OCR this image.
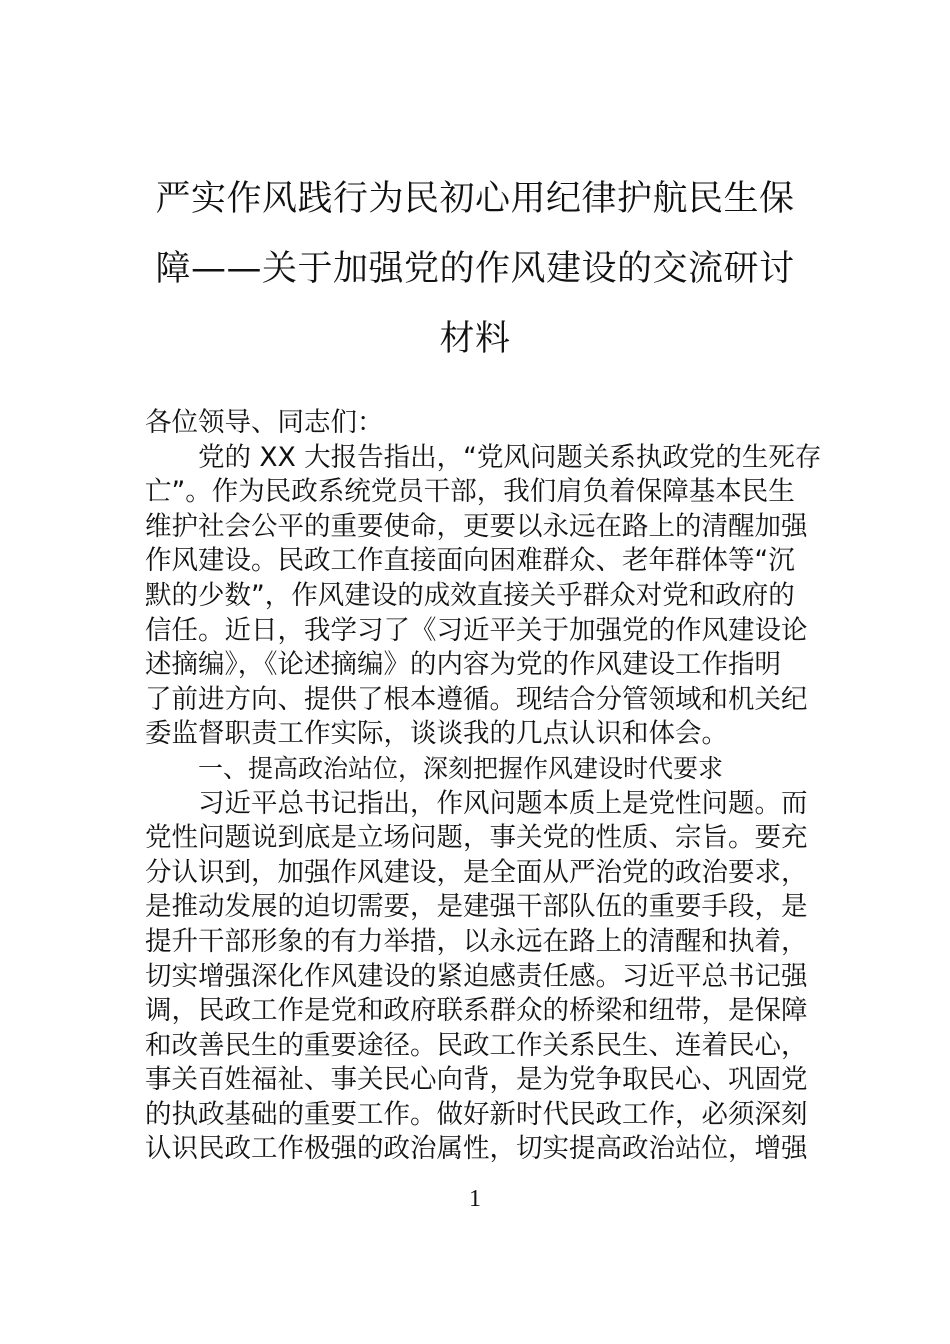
严实作风践行为民初心用纪律护航民生保
障——关于加强党的作风建设的交流研讨
材料
各位领导、同志们：
党的 XX 大报告指出，“党风问题关系执政党的生死存
亡”。作为民政系统党员干部，我们肩负着保障基本民生
维护社会公平的重要使命，更要以永远在路上的清醒加强
作风建设。民政工作直接面向困难群众、老年群体等“沉
默的少数”，作风建设的成效直接关乎群众对党和政府的
信任。近日，我学习了《习近平关于加强党的作风建设论
述摘编》，《论述摘编》的内容为党的作风建设工作指明
了前进方向、提供了根本遵循。现结合分管领域和机关纪
委监督职责工作实际，谈谈我的几点认识和体会。
一、提高政治站位，深刻把握作风建设时代要求
习近平总书记指出，作风问题本质上是党性问题。而
党性问题说到底是立场问题，事关党的性质、宗旨。要充
分认识到，加强作风建设，是全面从严治党的政治要求，
是推动发展的迫切需要，是建强干部队伍的重要手段，是
提升干部形象的有力举措，以永远在路上的清醒和执着，
切实增强深化作风建设的紧迫感责任感。习近平总书记强
调，民政工作是党和政府联系群众的桥梁和纽带，是保障
和改善民生的重要途径。民政工作关系民生、连着民心，
事关百姓福祉、事关民心向背，是为党争取民心、巩固党
的执政基础的重要工作。做好新时代民政工作，必须深刻
认识民政工作极强的政治属性，切实提高政治站位，增强
1
